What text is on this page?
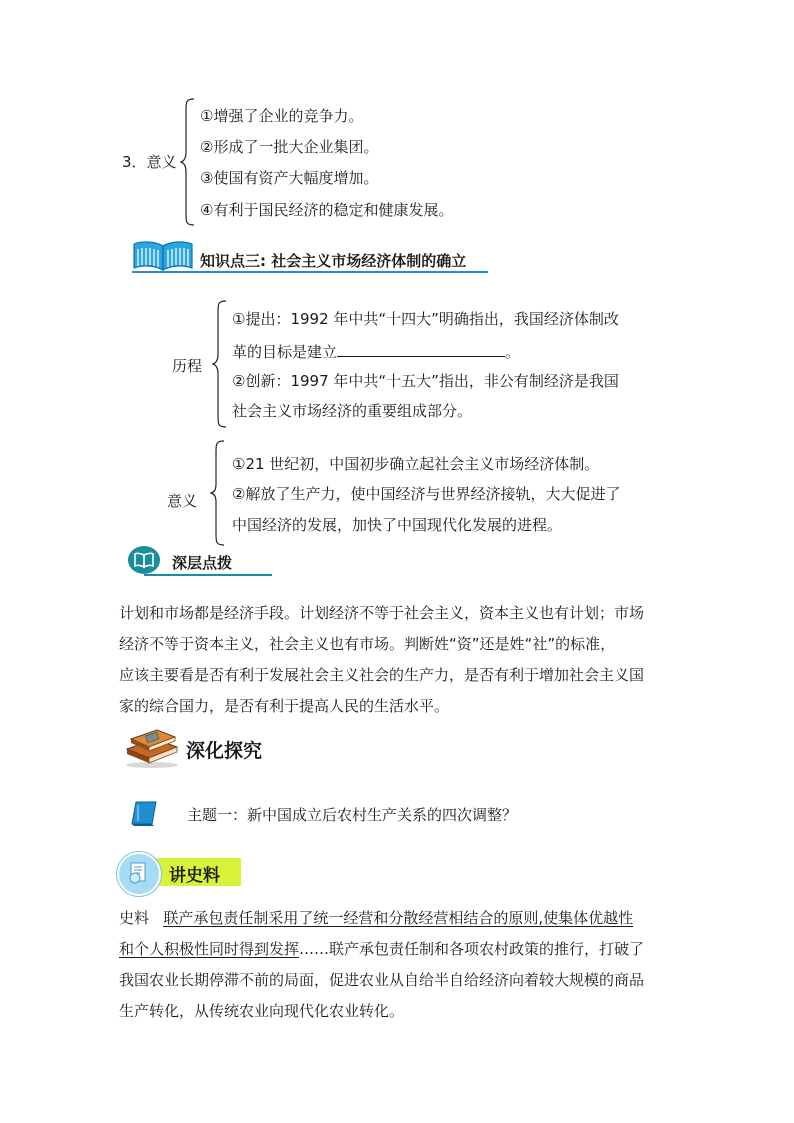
3．意义
①增强了企业的竞争力。
②形成了一批大企业集团。
③使国有资产大幅度增加。
④有利于国民经济的稳定和健康发展。
知识点三: 社会主义市场经济体制的确立
历程
①提出：1992 年中共“十四大”明确指出，我国经济体制改
革的目标是建立	。
②创新：1997 年中共“十五大”指出，非公有制经济是我国
社会主义市场经济的重要组成部分。
意义
①21 世纪初，中国初步确立起社会主义市场经济体制。
②解放了生产力，使中国经济与世界经济接轨，大大促进了
中国经济的发展，加快了中国现代化发展的进程。
深层点拨
计划和市场都是经济手段。计划经济不等于社会主义，资本主义也有计划；市场
经济不等于资本主义，社会主义也有市场。判断姓“资”还是姓“社”的标准，
应该主要看是否有利于发展社会主义社会的生产力，是否有利于增加社会主义国
家的综合国力，是否有利于提高人民的生活水平。
深化探究
主题一：新中国成立后农村生产关系的四次调整？
讲史料
史料 联产承包责任制采用了统一经营和分散经营相结合的原则,使集体优越性
和个人积极性同时得到发挥……联产承包责任制和各项农村政策的推行，打破了
我国农业长期停滞不前的局面，促进农业从自给半自给经济向着较大规模的商品
生产转化，从传统农业向现代化农业转化。
